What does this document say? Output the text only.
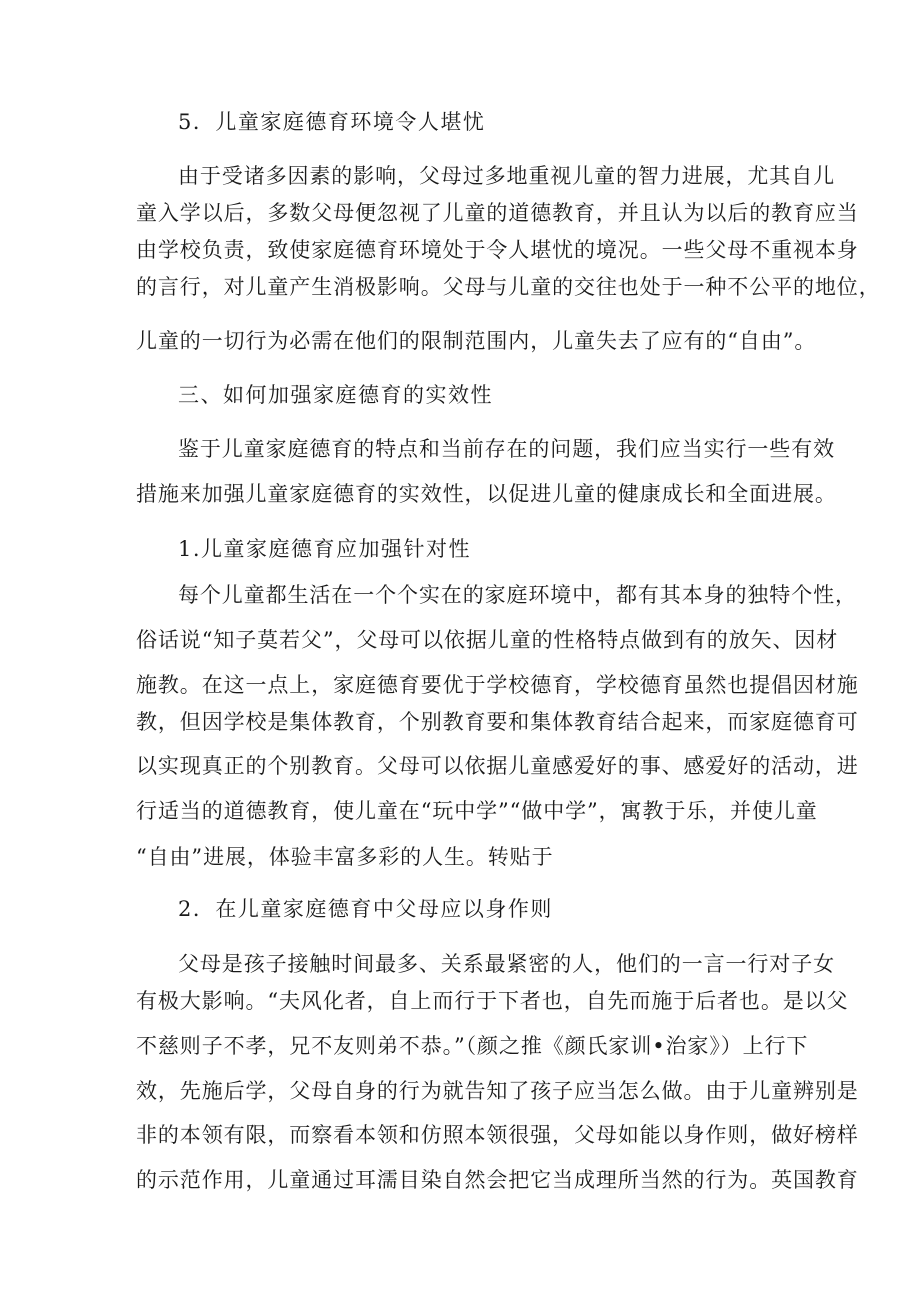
5．儿童家庭德育环境令人堪忧
由于受诸多因素的影响，父母过多地重视儿童的智力进展，尤其自儿
童入学以后，多数父母便忽视了儿童的道德教育，并且认为以后的教育应当
由学校负责，致使家庭德育环境处于令人堪忧的境况。一些父母不重视本身
的言行，对儿童产生消极影响。父母与儿童的交往也处于一种不公平的地位，
儿童的一切行为必需在他们的限制范围内，儿童失去了应有的“自由”。
三、如何加强家庭德育的实效性
鉴于儿童家庭德育的特点和当前存在的问题，我们应当实行一些有效
措施来加强儿童家庭德育的实效性，以促进儿童的健康成长和全面进展。
1.儿童家庭德育应加强针对性
每个儿童都生活在一个个实在的家庭环境中，都有其本身的独特个性，
俗话说“知子莫若父”，父母可以依据儿童的性格特点做到有的放矢、因材
施教。在这一点上，家庭德育要优于学校德育，学校德育虽然也提倡因材施
教，但因学校是集体教育，个别教育要和集体教育结合起来，而家庭德育可
以实现真正的个别教育。父母可以依据儿童感爱好的事、感爱好的活动，进
行适当的道德教育，使儿童在“玩中学”“做中学”，寓教于乐，并使儿童
“自由”进展，体验丰富多彩的人生。转贴于
2．在儿童家庭德育中父母应以身作则
父母是孩子接触时间最多、关系最紧密的人，他们的一言一行对子女
有极大影响。“夫风化者，自上而行于下者也，自先而施于后者也。是以父
不慈则子不孝，兄不友则弟不恭。”（颜之推《颜氏家训•治家》）上行下
效，先施后学，父母自身的行为就告知了孩子应当怎么做。由于儿童辨别是
非的本领有限，而察看本领和仿照本领很强，父母如能以身作则，做好榜样
的示范作用，儿童通过耳濡目染自然会把它当成理所当然的行为。英国教育
